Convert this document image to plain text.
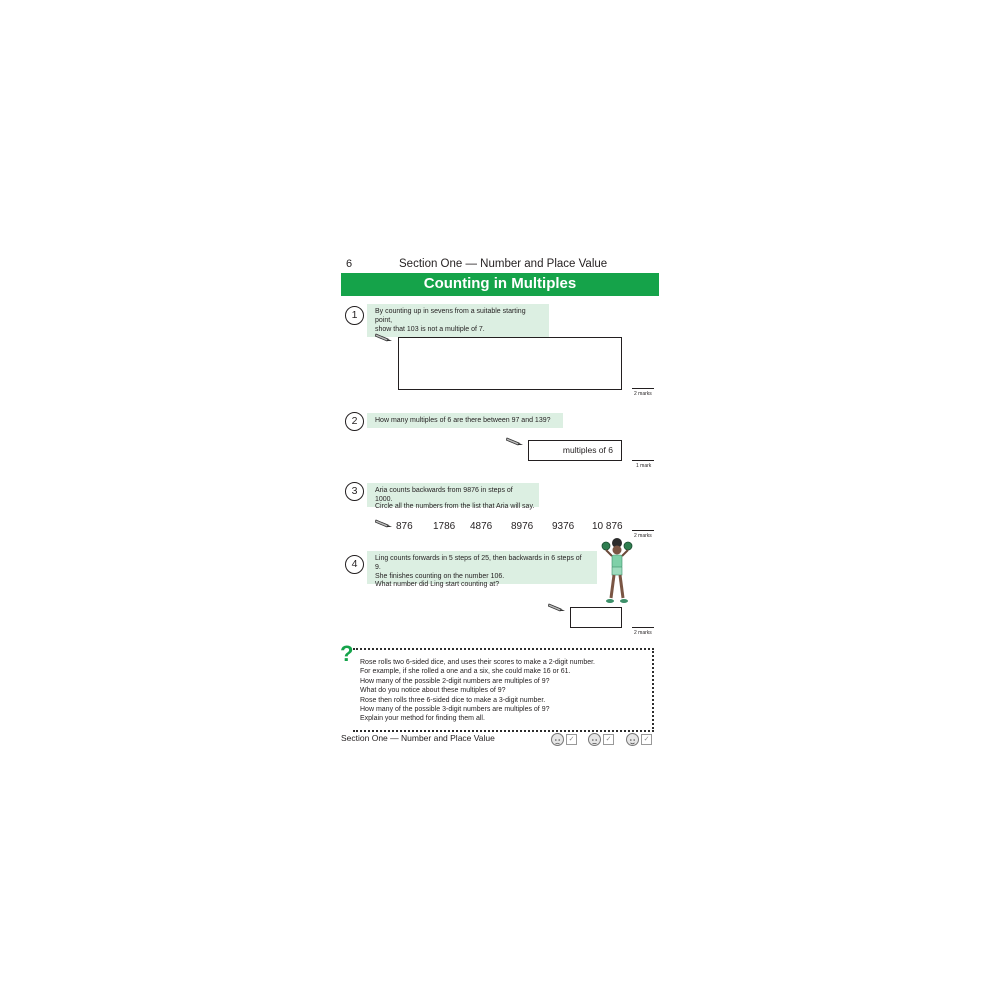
6	Section One — Number and Place Value
Counting in Multiples
1	By counting up in sevens from a suitable starting point,
show that 103 is not a multiple of 7.
2 marks
2	How many multiples of 6 are there between 97 and 139?
multiples of 6
1 mark
3	Aria counts backwards from 9876 in steps of 1000.
Circle all the numbers from the list that Aria will say.
876 1786 4876 8976 9376 10 876
2 marks
4	Ling counts forwards in 5 steps of 25, then backwards in 6 steps of 9.
She finishes counting on the number 106.
What number did Ling start counting at?
2 marks
? Rose rolls two 6-sided dice, and uses their scores to make a 2-digit number.
For example, if she rolled a one and a six, she could make 16 or 61.
How many of the possible 2-digit numbers are multiples of 9?
What do you notice about these multiples of 9?
Rose then rolls three 6-sided dice to make a 3-digit number.
How many of the possible 3-digit numbers are multiples of 9?
Explain your method for finding them all.
Section One — Number and Place Value	✓	✓	✓
